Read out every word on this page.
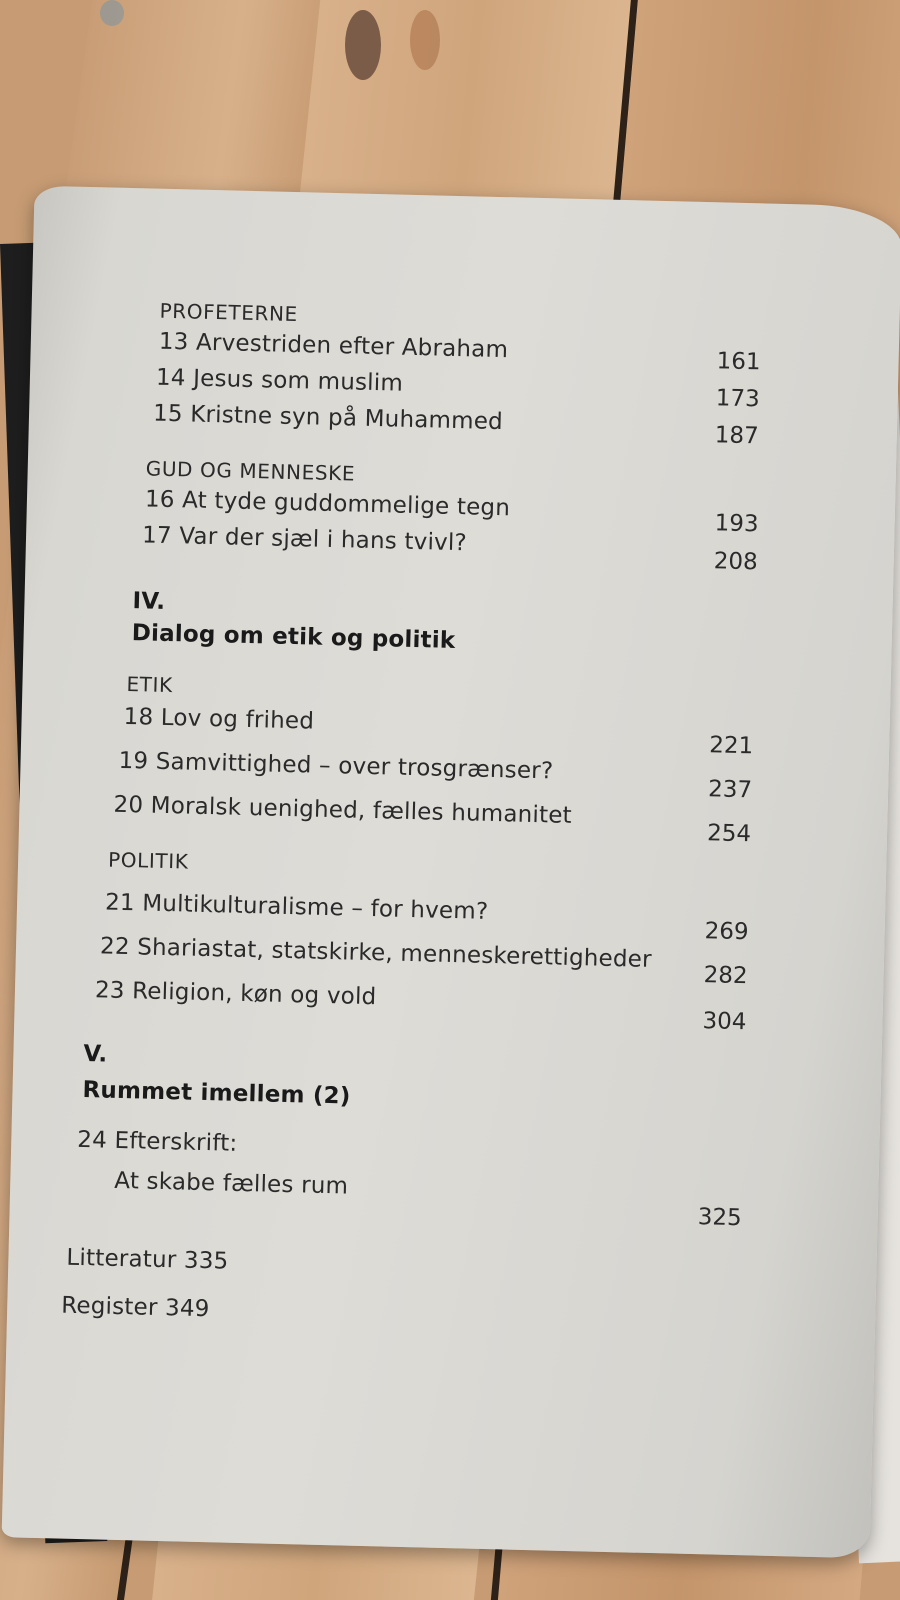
PROFETERNE
13 Arvestriden efter Abraham	161
14 Jesus som muslim
173
15 Kristne syn på Muhammed
187
GUD OG MENNESKE
16 At tyde guddommelige tegn
193
17 Var der sjæl i hans tvivl?
208
IV.
Dialog om etik og politik
ETIK
18 Lov og frihed
221
19 Samvittighed – over trosgrænser?
237
20 Moralsk uenighed, fælles humanitet
254
POLITIK
21 Multikulturalisme – for hvem?
269
22 Shariastat, statskirke, menneskerettigheder
282
23 Religion, køn og vold
304
V.
Rummet imellem (2)
24 Efterskrift:
At skabe fælles rum
325
Litteratur 335
Register 349
